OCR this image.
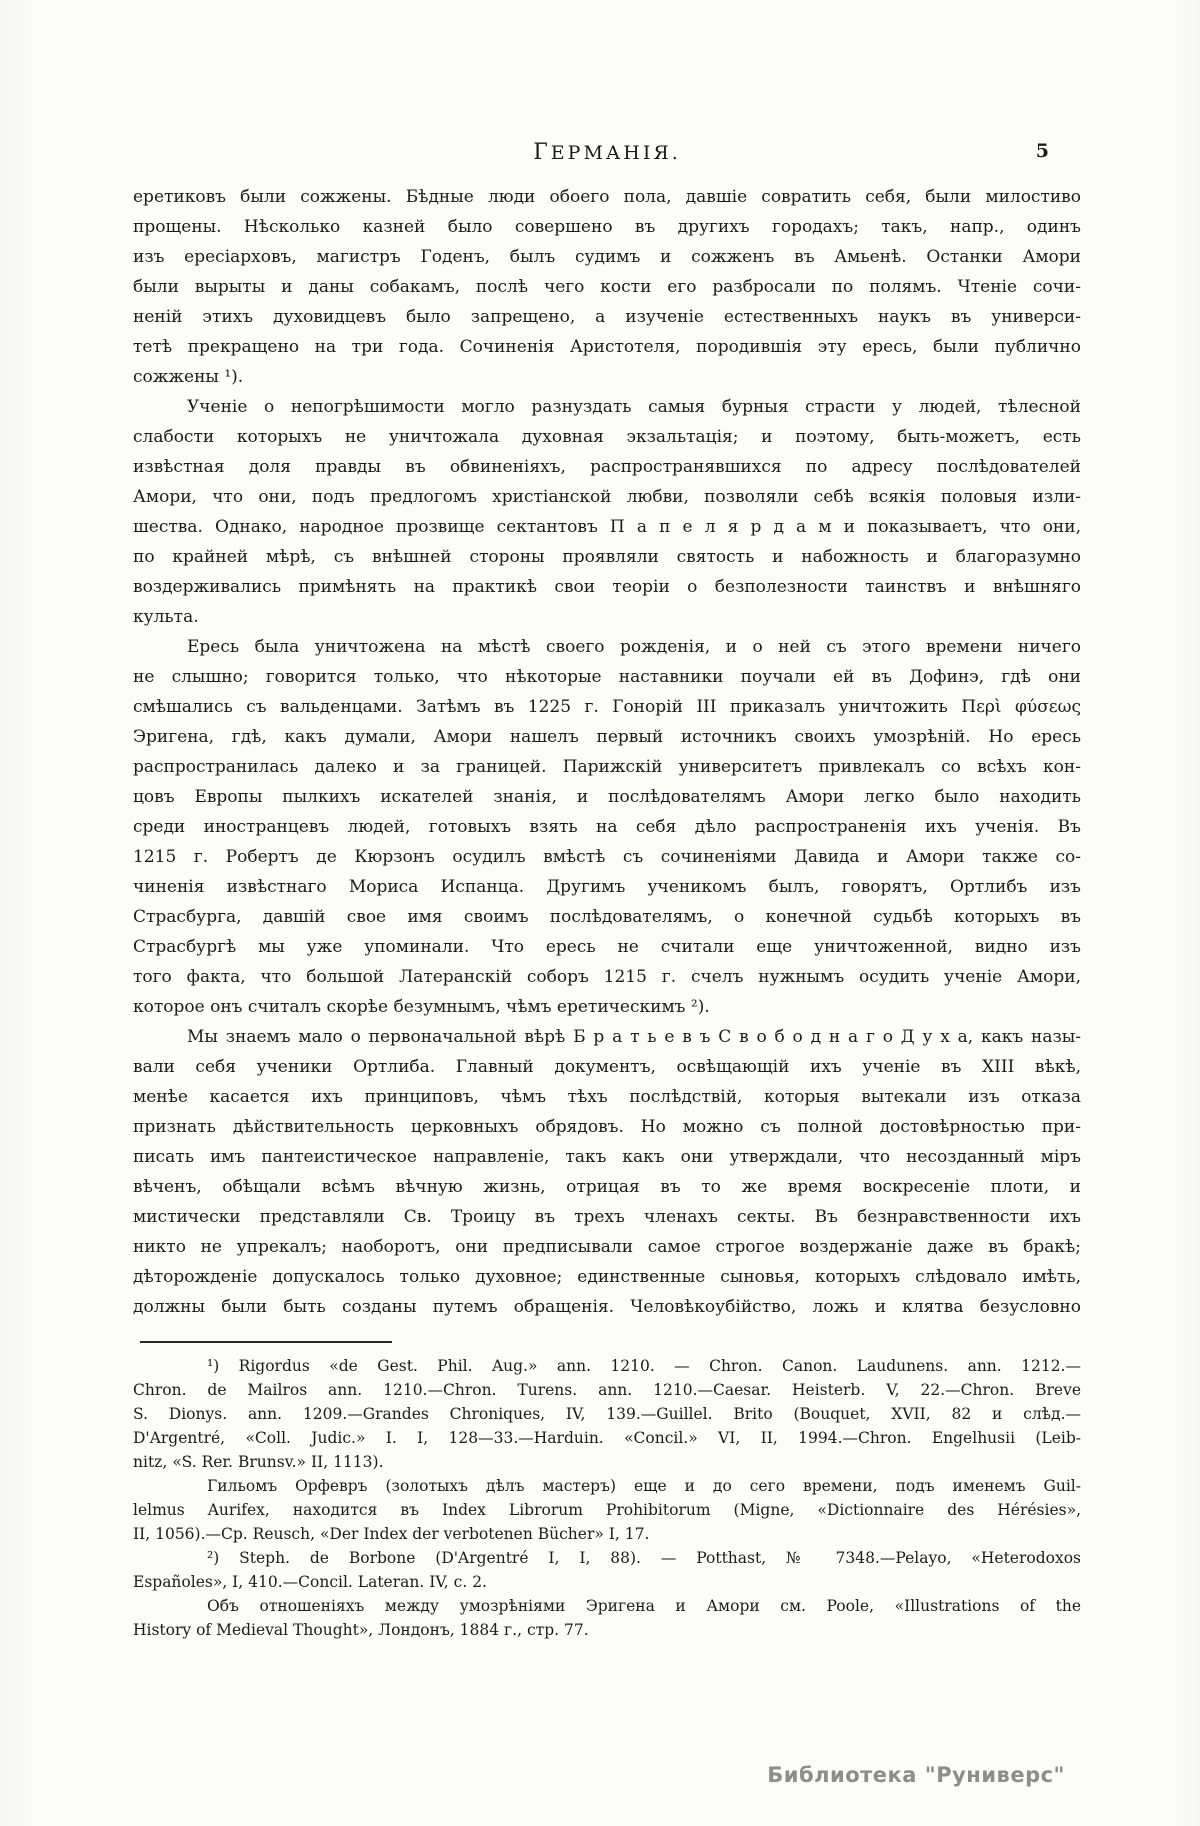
ГЕРМАНІЯ.	5
еретиковъ были сожжены. Бѣдные люди обоего пола, давшіе совратить себя, были милостиво
прощены. Нѣсколько казней было совершено въ другихъ городахъ; такъ, напр., одинъ
изъ ересіарховъ, магистръ Годенъ, былъ судимъ и сожженъ въ Амьенѣ. Останки Амори
были вырыты и даны собакамъ, послѣ чего кости его разбросали по полямъ. Чтеніе сочи-
неній этихъ духовидцевъ было запрещено, а изученіе естественныхъ наукъ въ универси-
тетѣ прекращено на три года. Сочиненія Аристотеля, породившія эту ересь, были публично
сожжены ¹).
Ученіе о непогрѣшимости могло разнуздать самыя бурныя страсти у людей, тѣлесной
слабости которыхъ не уничтожала духовная экзальтація; и поэтому, быть-можетъ, есть
извѣстная доля правды въ обвиненіяхъ, распространявшихся по адресу послѣдователей
Амори, что они, подъ предлогомъ христіанской любви, позволяли себѣ всякія половыя изли-
шества. Однако, народное прозвище сектантовъ П а п е л я р д а м и показываетъ, что они,
по крайней мѣрѣ, съ внѣшней стороны проявляли святость и набожность и благоразумно
воздерживались примѣнять на практикѣ свои теоріи о безполезности таинствъ и внѣшняго
культа.
Ересь была уничтожена на мѣстѣ своего рожденія, и о ней съ этого времени ничего
не слышно; говорится только, что нѣкоторые наставники поучали ей въ Дофинэ, гдѣ они
смѣшались съ вальденцами. Затѣмъ въ 1225 г. Гонорій III приказалъ уничтожить Περὶ φύσεως
Эригена, гдѣ, какъ думали, Амори нашелъ первый источникъ своихъ умозрѣній. Но ересь
распространилась далеко и за границей. Парижскій университетъ привлекалъ со всѣхъ кон-
цовъ Европы пылкихъ искателей знанія, и послѣдователямъ Амори легко было находить
среди иностранцевъ людей, готовыхъ взять на себя дѣло распространенія ихъ ученія. Въ
1215 г. Робертъ де Кюрзонъ осудилъ вмѣстѣ съ сочиненіями Давида и Амори также со-
чиненія извѣстнаго Мориса Испанца. Другимъ ученикомъ былъ, говорятъ, Ортлибъ изъ
Страсбурга, давшій свое имя своимъ послѣдователямъ, о конечной судьбѣ которыхъ въ
Страсбургѣ мы уже упоминали. Что ересь не считали еще уничтоженной, видно изъ
того факта, что большой Латеранскій соборъ 1215 г. счелъ нужнымъ осудить ученіе Амори,
которое онъ считалъ скорѣе безумнымъ, чѣмъ еретическимъ ²).
Мы знаемъ мало о первоначальной вѣрѣ Б р а т ь е в ъ С в о б о д н а г о Д у х а, какъ назы-
вали себя ученики Ортлиба. Главный документъ, освѣщающій ихъ ученіе въ XIII вѣкѣ,
менѣе касается ихъ принциповъ, чѣмъ тѣхъ послѣдствій, которыя вытекали изъ отказа
признать дѣйствительность церковныхъ обрядовъ. Но можно съ полной достовѣрностью при-
писать имъ пантеистическое направленіе, такъ какъ они утверждали, что несозданный міръ
вѣченъ, обѣщали всѣмъ вѣчную жизнь, отрицая въ то же время воскресеніе плоти, и
мистически представляли Св. Троицу въ трехъ членахъ секты. Въ безнравственности ихъ
никто не упрекалъ; наоборотъ, они предписывали самое строгое воздержаніе даже въ бракѣ;
дѣторожденіе допускалось только духовное; единственные сыновья, которыхъ слѣдовало имѣть,
должны были быть созданы путемъ обращенія. Человѣкоубійство, ложь и клятва безусловно
¹) Rigordus «de Gest. Phil. Aug.» ann. 1210. — Chron. Canon. Laudunens. ann. 1212.—
Chron. de Mailros ann. 1210.—Chron. Turens. ann. 1210.—Caesar. Heisterb. V, 22.—Chron. Breve
S. Dionys. ann. 1209.—Grandes Chroniques, IV, 139.—Guillel. Brito (Bouquet, XVII, 82 и слѣд.—
D'Argentré, «Coll. Judic.» I. I, 128—33.—Harduin. «Concil.» VI, II, 1994.—Chron. Engelhusii (Leib-
nitz, «S. Rer. Brunsv.» II, 1113).
Гильомъ Орфевръ (золотыхъ дѣлъ мастеръ) еще и до сего времени, подъ именемъ Guil-
lelmus Aurifex, находится въ Index Librorum Prohibitorum (Migne, «Dictionnaire des Hérésies»,
II, 1056).—Ср. Reusch, «Der Index der verbotenen Bücher» I, 17.
²) Steph. de Borbone (D'Argentré I, I, 88). — Potthast, № 7348.—Pelayo, «Heterodoxos
Españoles», I, 410.—Concil. Lateran. IV, c. 2.
Объ отношеніяхъ между умозрѣніями Эригена и Амори см. Poole, «Illustrations of the
History of Medieval Thought», Лондонъ, 1884 г., стр. 77.
Библиотека "Руниверс"
